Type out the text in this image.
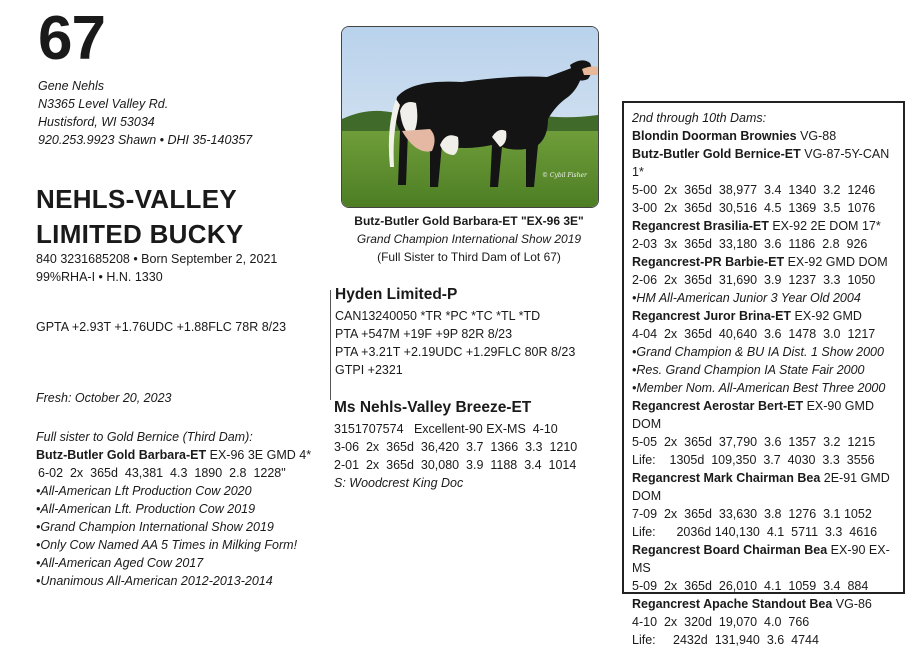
67
Gene Nehls
N3365 Level Valley Rd.
Hustisford, WI 53034
920.253.9923 Shawn • DHI 35-140357
NEHLS-VALLEY
LIMITED BUCKY
840 3231685208 • Born September 2, 2021
99%RHA-I • H.N. 1330
GPTA +2.93T +1.76UDC +1.88FLC 78R 8/23
Fresh: October 20, 2023
Full sister to Gold Bernice (Third Dam):
Butz-Butler Gold Barbara-ET EX-96 3E GMD 4*
6-02  2x  365d  43,381  4.3  1890  2.8  1228"
•All-American Lft Production Cow 2020
•All-American Lft. Production Cow 2019
•Grand Champion International Show 2019
•Only Cow Named AA 5 Times in Milking Form!
•All-American Aged Cow 2017
•Unanimous All-American 2012-2013-2014
© Cybil Fisher
Butz-Butler Gold Barbara-ET "EX-96 3E"
Grand Champion International Show 2019
(Full Sister to Third Dam of Lot 67)
Hyden Limited-P
CAN13240050 *TR *PC *TC *TL *TD
PTA +547M +19F +9P 82R 8/23
PTA +3.21T +2.19UDC +1.29FLC 80R 8/23
GTPI +2321
Ms Nehls-Valley Breeze-ET
3151707574   Excellent-90 EX-MS  4-10
3-06  2x  365d  36,420  3.7  1366  3.3  1210
2-01  2x  365d  30,080  3.9  1188  3.4  1014
S: Woodcrest King Doc
2nd through 10th Dams:
Blondin Doorman Brownies VG-88
Butz-Butler Gold Bernice-ET VG-87-5Y-CAN 1*
5-00  2x  365d  38,977  3.4  1340  3.2  1246
3-00  2x  365d  30,516  4.5  1369  3.5  1076
Regancrest Brasilia-ET EX-92 2E DOM 17*
2-03  3x  365d  33,180  3.6  1186  2.8  926
Regancrest-PR Barbie-ET EX-92 GMD DOM
2-06  2x  365d  31,690  3.9  1237  3.3  1050
•HM All-American Junior 3 Year Old 2004
Regancrest Juror Brina-ET EX-92 GMD
4-04  2x  365d  40,640  3.6  1478  3.0  1217
•Grand Champion & BU IA Dist. 1 Show 2000
•Res. Grand Champion IA State Fair 2000
•Member Nom. All-American Best Three 2000
Regancrest Aerostar Bert-ET EX-90 GMD DOM
5-05  2x  365d  37,790  3.6  1357  3.2  1215
Life:    1305d  109,350  3.7  4030  3.3  3556
Regancrest Mark Chairman Bea 2E-91 GMD DOM
7-09  2x  365d  33,630  3.8  1276  3.1 1052
Life:      2036d 140,130  4.1  5711  3.3  4616
Regancrest Board Chairman Bea EX-90 EX-MS
5-09  2x  365d  26,010  4.1  1059  3.4  884
Regancrest Apache Standout Bea VG-86
4-10  2x  320d  19,070  4.0  766
Life:     2432d  131,940  3.6  4744
